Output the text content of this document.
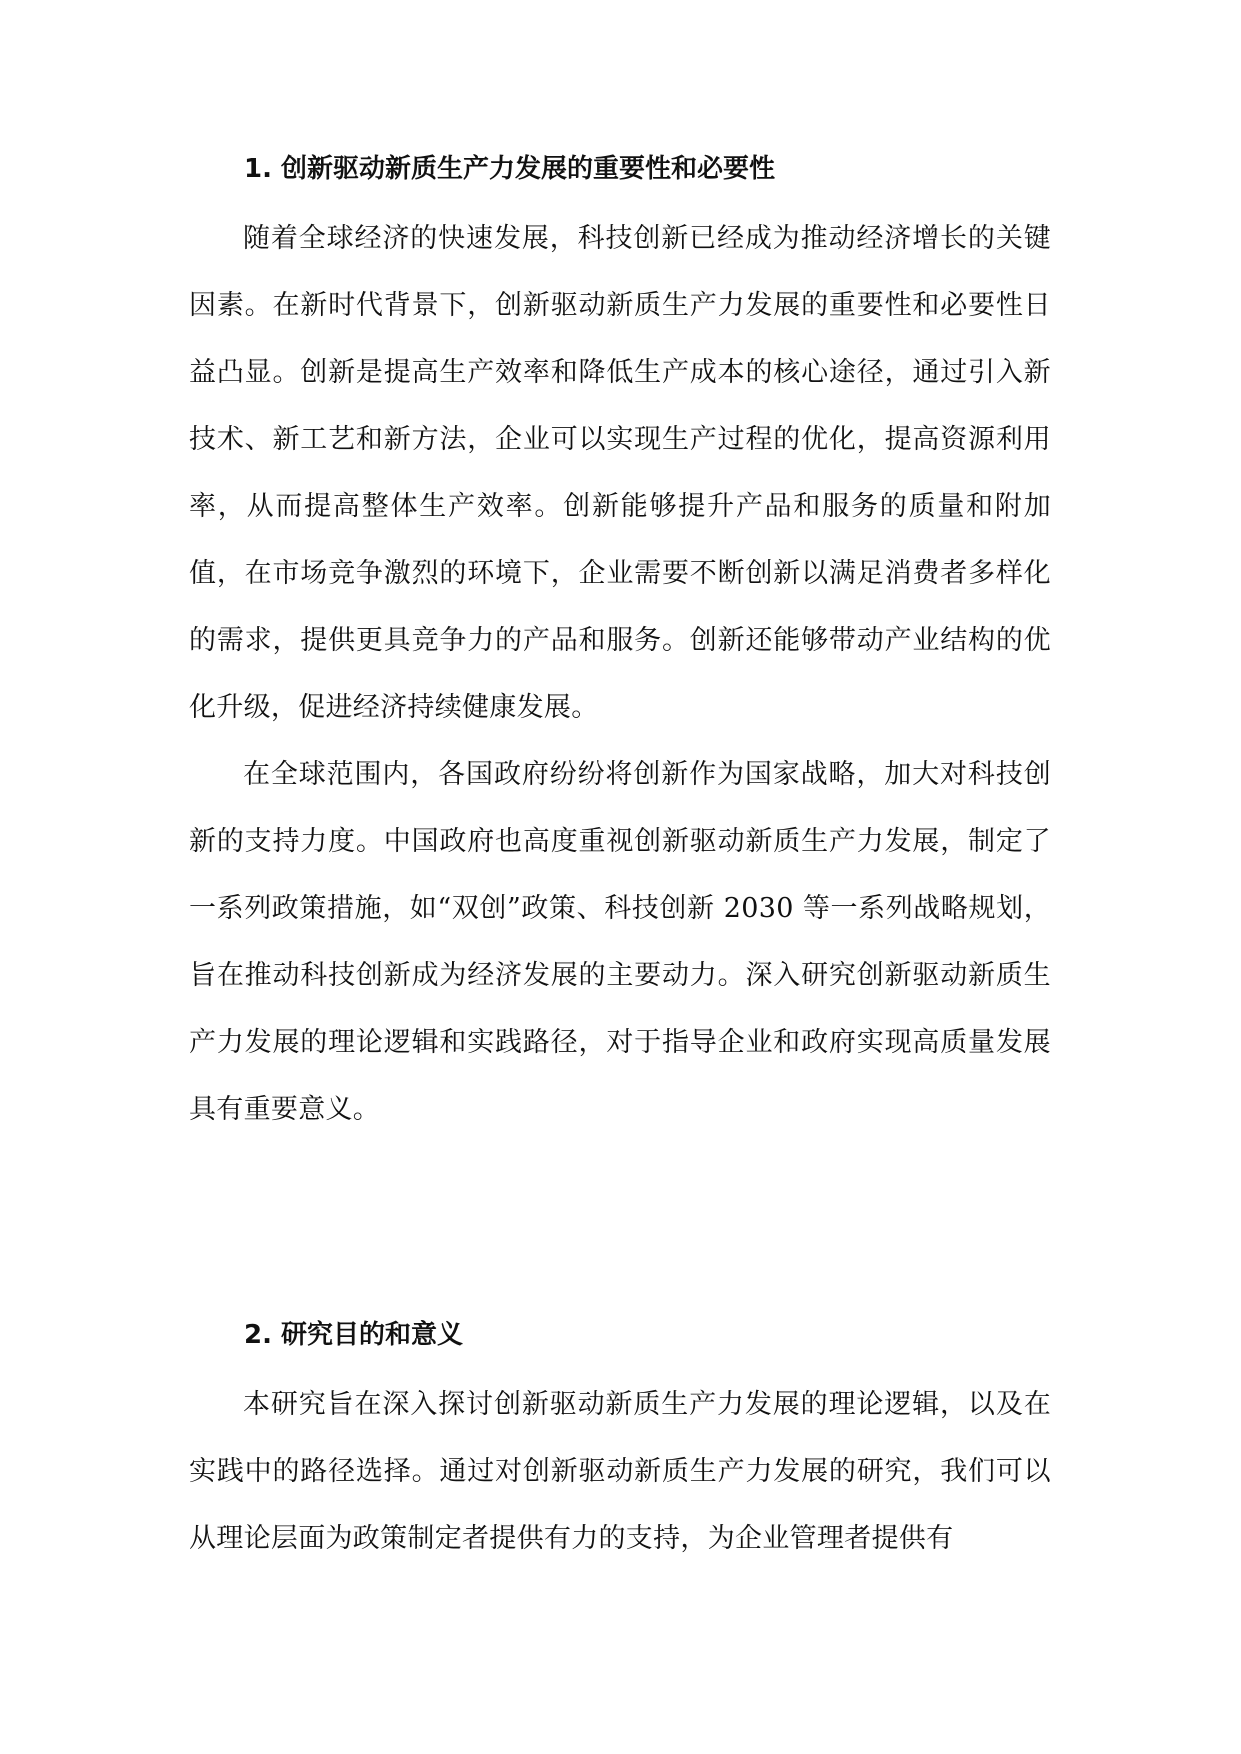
1. 创新驱动新质生产力发展的重要性和必要性

随着全球经济的快速发展，科技创新已经成为推动经济增长的关键因素。在新时代背景下，创新驱动新质生产力发展的重要性和必要性日益凸显。创新是提高生产效率和降低生产成本的核心途径，通过引入新技术、新工艺和新方法，企业可以实现生产过程的优化，提高资源利用率，从而提高整体生产效率。创新能够提升产品和服务的质量和附加值，在市场竞争激烈的环境下，企业需要不断创新以满足消费者多样化的需求，提供更具竞争力的产品和服务。创新还能够带动产业结构的优化升级，促进经济持续健康发展。

在全球范围内，各国政府纷纷将创新作为国家战略，加大对科技创新的支持力度。中国政府也高度重视创新驱动新质生产力发展，制定了一系列政策措施，如“双创”政策、科技创新 2030 等一系列战略规划，旨在推动科技创新成为经济发展的主要动力。深入研究创新驱动新质生产力发展的理论逻辑和实践路径，对于指导企业和政府实现高质量发展具有重要意义。

2. 研究目的和意义

本研究旨在深入探讨创新驱动新质生产力发展的理论逻辑，以及在实践中的路径选择。通过对创新驱动新质生产力发展的研究，我们可以从理论层面为政策制定者提供有力的支持，为企业管理者提供有
